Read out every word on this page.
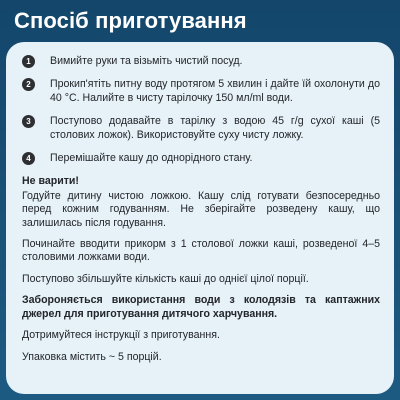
Спосіб приготування
1	Вимийте руки та візьміть чистий посуд.
2	Прокип'ятіть питну воду протягом 5 хвилин і дайте їй охолонути до 40 °С. Налийте в чисту тарілочку 150 мл/ml води.
3	Поступово додавайте в тарілку з водою 45 г/g сухої каші (5 столових ложок). Використовуйте суху чисту ложку.
4	Перемішайте кашу до однорідного стану.
Не варити!
Годуйте дитину чистою ложкою. Кашу слід готувати безпосередньо перед кожним годуванням. Не зберігайте розведену кашу, що залишилась після годування.
Починайте вводити прикорм з 1 столової ложки каші, розведеної 4–5 столовими ложками води.
Поступово збільшуйте кількість каші до однієї цілої порції.
Забороняється використання води з колодязів та каптажних джерел для приготування дитячого харчування.
Дотримуйтеся інструкції з приготування.
Упаковка містить ~ 5 порцій.
